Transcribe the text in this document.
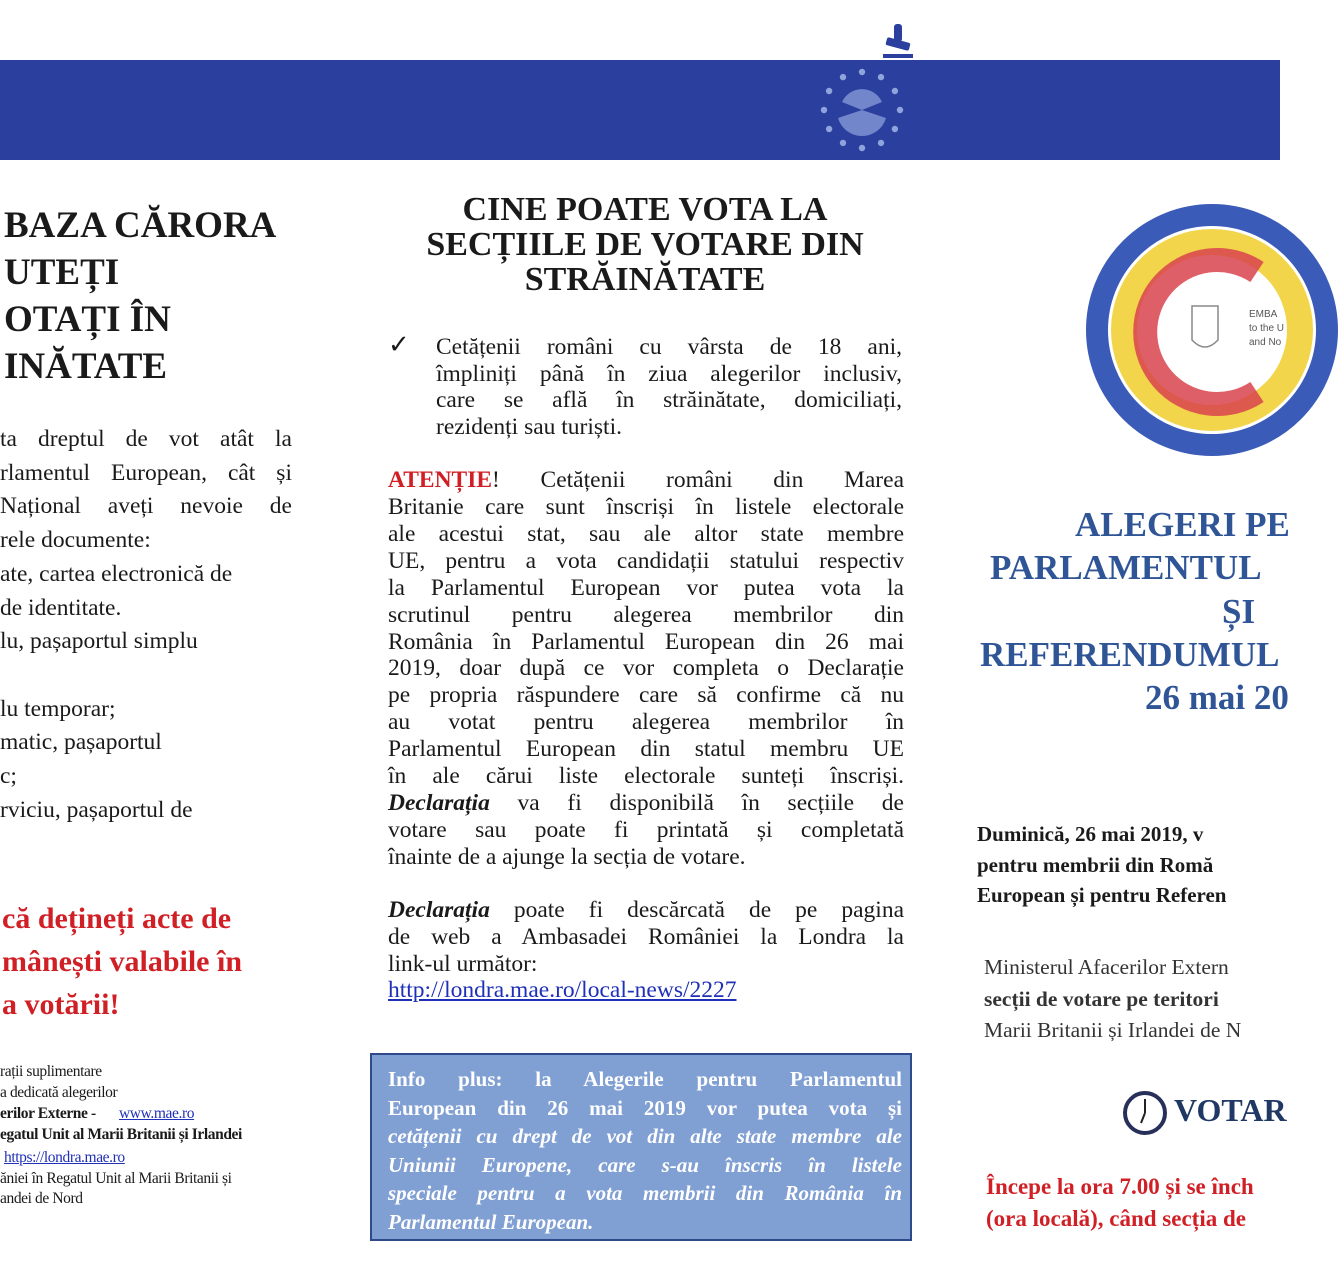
BAZA CĂRORA
UTEȚI
OTAȚI ÎN
INĂTATE
ta dreptul de vot atât la
rlamentul European, cât și
Național aveți nevoie de
rele documente:
ate, cartea electronică de
de identitate.
lu, pașaportul simplu
lu temporar;
matic, pașaportul
c;
rviciu, pașaportul de
că dețineți acte de
mânești valabile în
a votării!
rații suplimentare
a dedicată alegerilor
erilor Externe - www.mae.ro
egatul Unit al Marii Britanii și Irlandei
https://londra.mae.ro
ăniei în Regatul Unit al Marii Britanii și
andei de Nord
CINE POATE VOTA LA
SECȚIILE DE VOTARE DIN
STRĂINĂTATE
✓ Cetățenii români cu vârsta de 18 ani,
împliniți până în ziua alegerilor inclusiv,
care se află în străinătate, domiciliați,
rezidenți sau turiști.
ATENȚIE! Cetățenii români din Marea
Britanie care sunt înscriși în listele electorale
ale acestui stat, sau ale altor state membre
UE, pentru a vota candidații statului respectiv
la Parlamentul European vor putea vota la
scrutinul pentru alegerea membrilor din
România în Parlamentul European din 26 mai
2019, doar după ce vor completa o Declarație
pe propria răspundere care să confirme că nu
au votat pentru alegerea membrilor în
Parlamentul European din statul membru UE
în ale cărui liste electorale sunteți înscriși.
Declarația va fi disponibilă în secțiile de
votare sau poate fi printată și completată
înainte de a ajunge la secția de votare.
Declarația poate fi descărcată de pe pagina
de web a Ambasadei României la Londra la
link-ul următor:
http://londra.mae.ro/local-news/2227
Info plus: la Alegerile pentru Parlamentul
European din 26 mai 2019 vor putea vota și
cetățenii cu drept de vot din alte state membre ale
Uniunii Europene, care s-au înscris în listele
speciale pentru a vota membrii din România în
Parlamentul European.
EMBA
to the U
and No
ALEGERI PE
PARLAMENTUL
ȘI
REFERENDUMUL
26 mai 20
Duminică, 26 mai 2019, v
pentru membrii din Romă
European și pentru Referen
Ministerul Afacerilor Extern
secții de votare pe teritori
Marii Britanii și Irlandei de N
VOTAR
Începe la ora 7.00 și se înch
(ora locală), când secția de
